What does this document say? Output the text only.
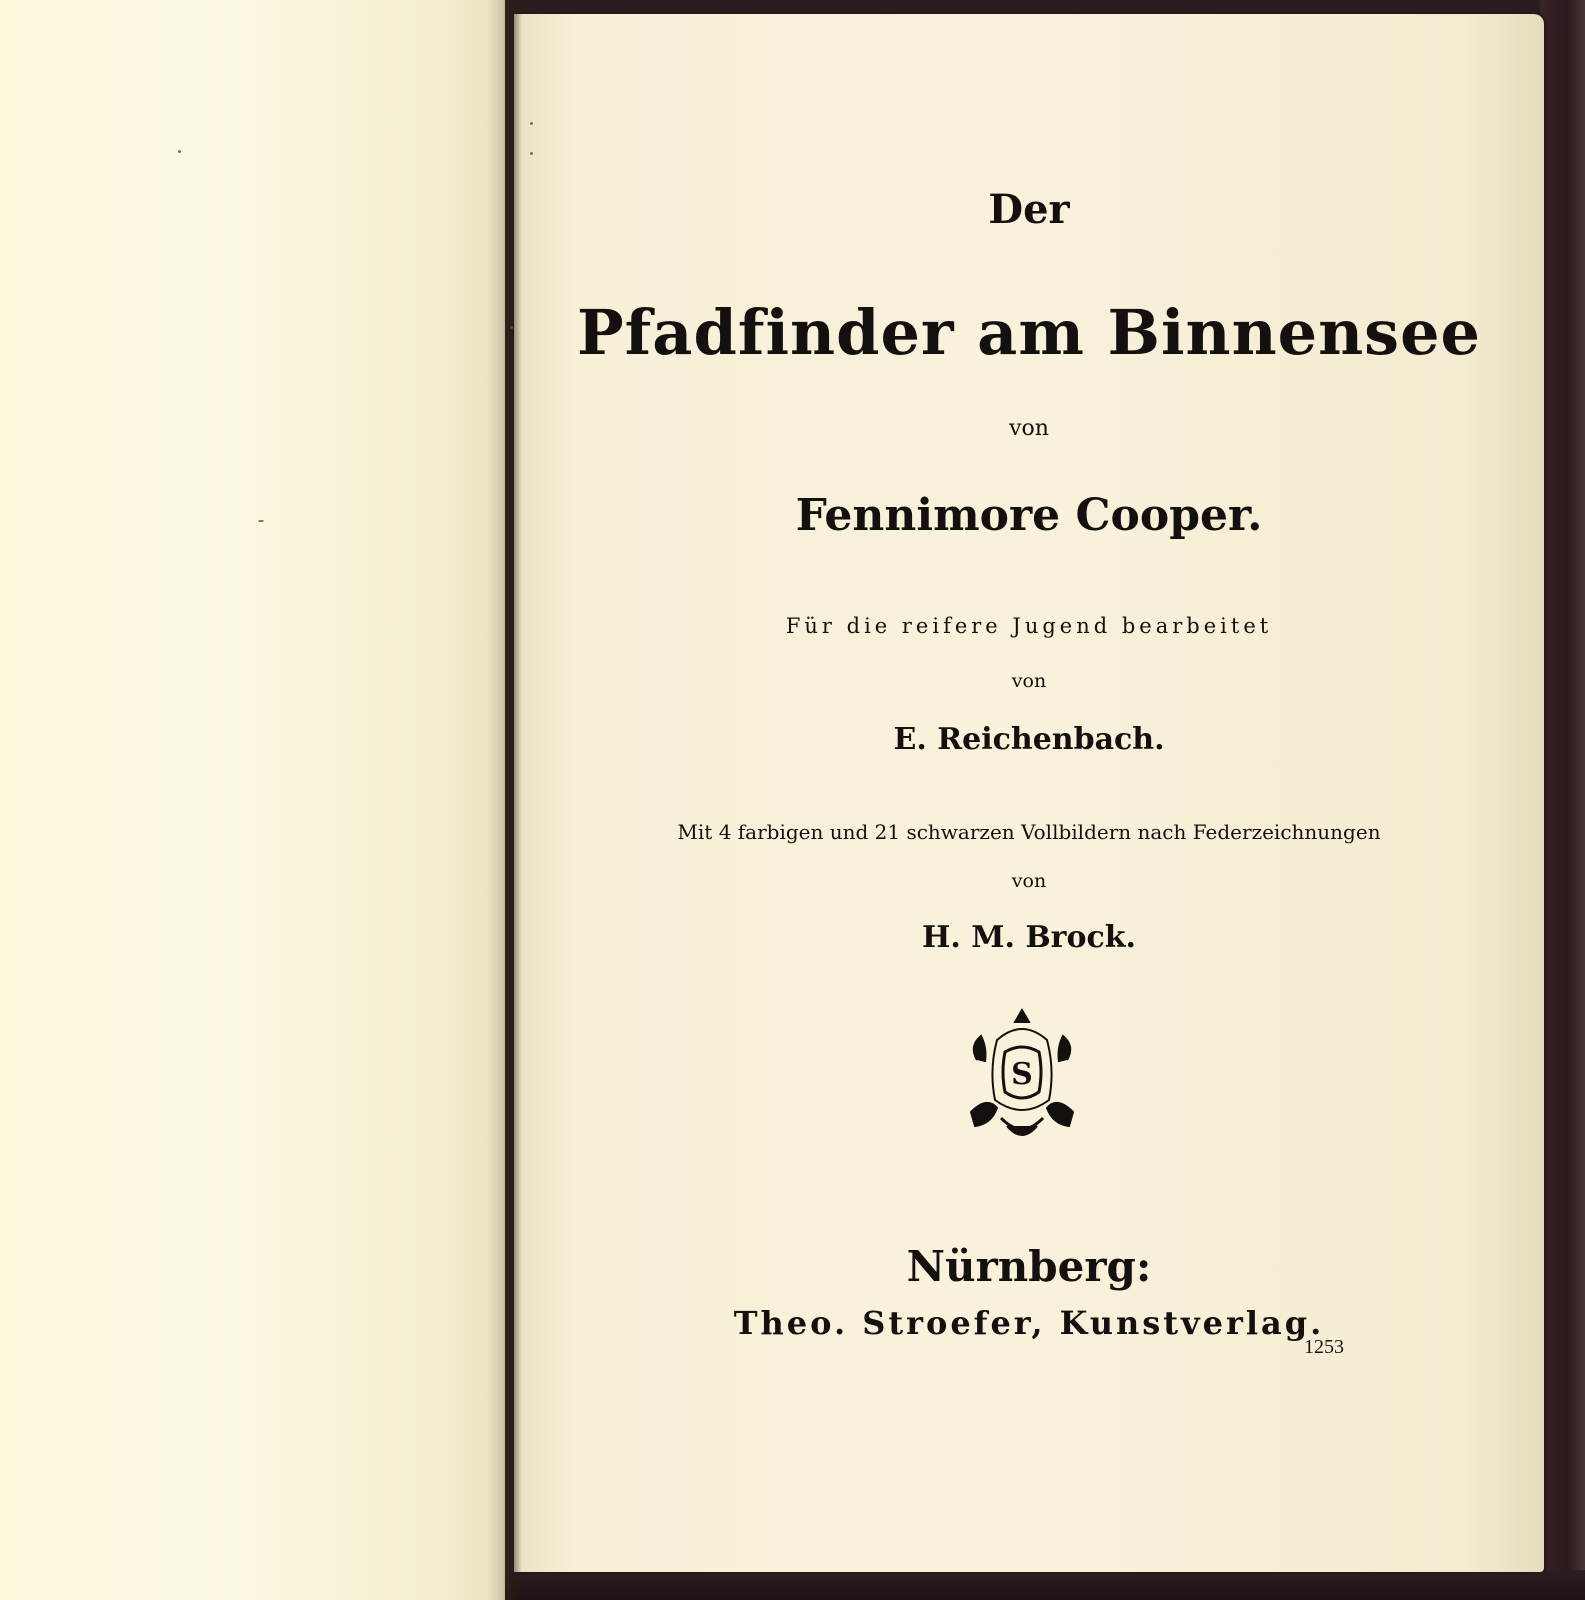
Der
Pfadfinder am Binnensee
von
Fennimore Cooper.
Für die reifere Jugend bearbeitet
von
E. Reichenbach.
Mit 4 farbigen und 21 schwarzen Vollbildern nach Federzeichnungen
von
H. M. Brock.
S
Nürnberg:
Theo. Stroefer, Kunstverlag.
1253
